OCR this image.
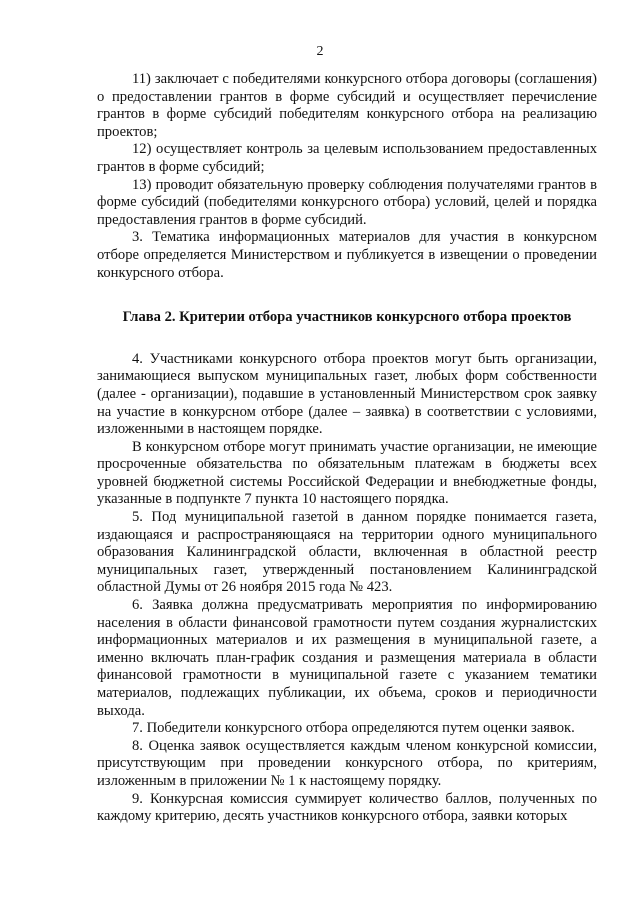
2

11) заключает с победителями конкурсного отбора договоры (соглашения) о предоставлении грантов в форме субсидий и осуществляет перечисление грантов в форме субсидий победителям конкурсного отбора на реализацию проектов;

12) осуществляет контроль за целевым использованием предоставленных грантов в форме субсидий;

13) проводит обязательную проверку соблюдения получателями грантов в форме субсидий (победителями конкурсного отбора) условий, целей и порядка предоставления грантов в форме субсидий.

3. Тематика информационных материалов для участия в конкурсном отборе определяется Министерством и публикуется в извещении о проведении конкурсного отбора.

Глава 2. Критерии отбора участников конкурсного отбора проектов

4. Участниками конкурсного отбора проектов могут быть организации, занимающиеся выпуском муниципальных газет, любых форм собственности (далее - организации), подавшие в установленный Министерством срок заявку на участие в конкурсном отборе (далее – заявка) в соответствии с условиями, изложенными в настоящем порядке.

В конкурсном отборе могут принимать участие организации, не имеющие просроченные обязательства по обязательным платежам в бюджеты всех уровней бюджетной системы Российской Федерации и внебюджетные фонды, указанные в подпункте 7 пункта 10 настоящего порядка.

5. Под муниципальной газетой в данном порядке понимается газета, издающаяся и распространяющаяся на территории одного муниципального образования Калининградской области, включенная в областной реестр муниципальных газет, утвержденный постановлением Калининградской областной Думы от 26 ноября 2015 года № 423.

6. Заявка должна предусматривать мероприятия по информированию населения в области финансовой грамотности путем создания журналистских информационных материалов и их размещения в муниципальной газете, а именно включать план-график создания и размещения материала в области финансовой грамотности в муниципальной газете с указанием тематики материалов, подлежащих публикации, их объема, сроков и периодичности выхода.

7. Победители конкурсного отбора определяются путем оценки заявок.

8. Оценка заявок осуществляется каждым членом конкурсной комиссии, присутствующим при проведении конкурсного отбора, по критериям, изложенным в приложении № 1 к настоящему порядку.

9. Конкурсная комиссия суммирует количество баллов, полученных по каждому критерию, десять участников конкурсного отбора, заявки которых
